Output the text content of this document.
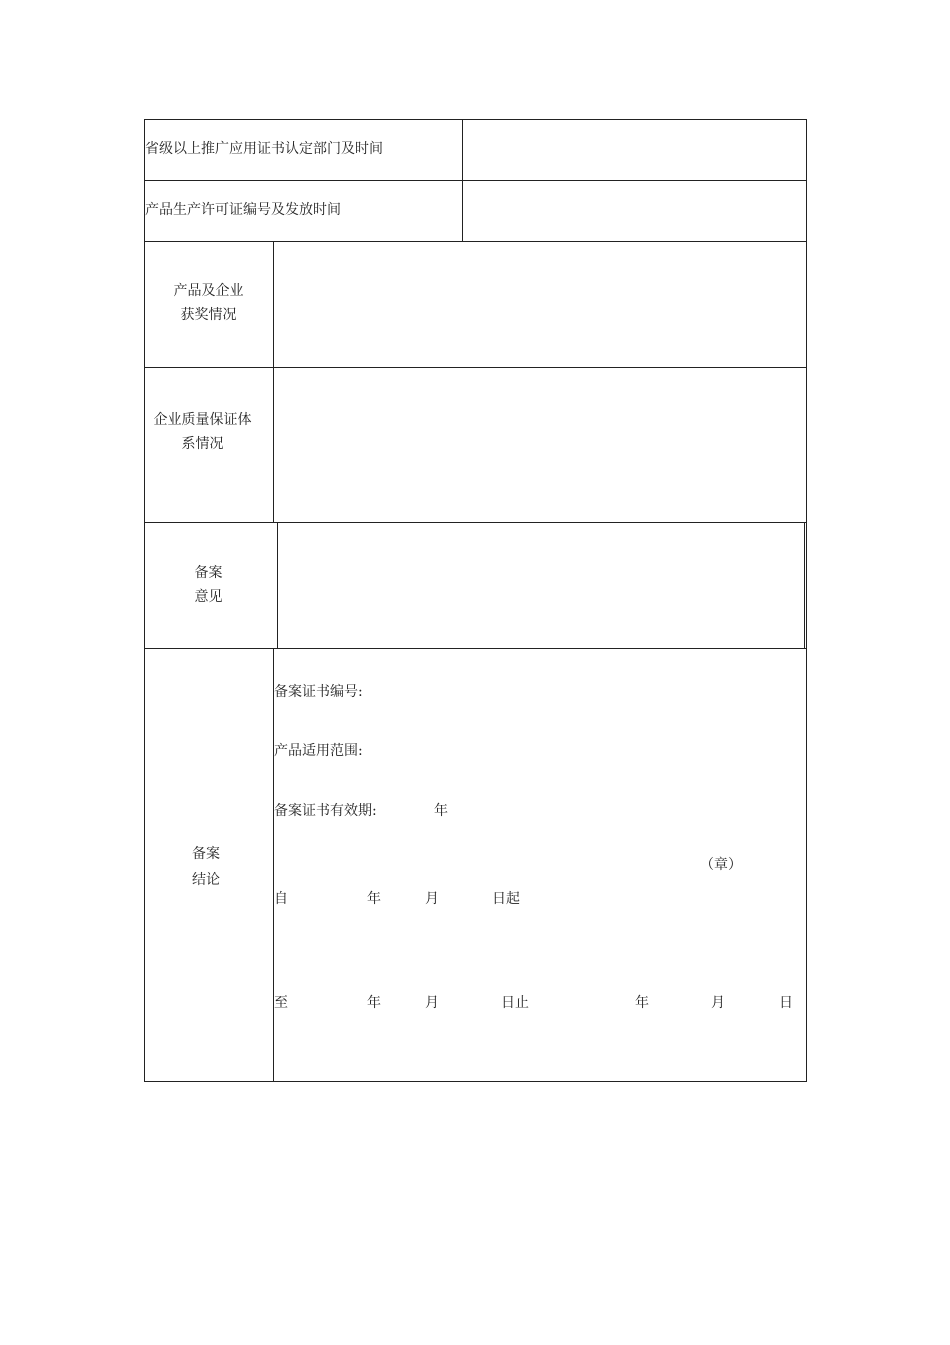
省级以上推广应用证书认定部门及时间
产品生产许可证编号及发放时间
产品及企业
获奖情况
企业质量保证体
系情况
备案
意见
备案
结论
备案证书编号:
产品适用范围:
备案证书有效期:	年
（章）
自	年	月	日起
至	年	月	日止	年	月	日
